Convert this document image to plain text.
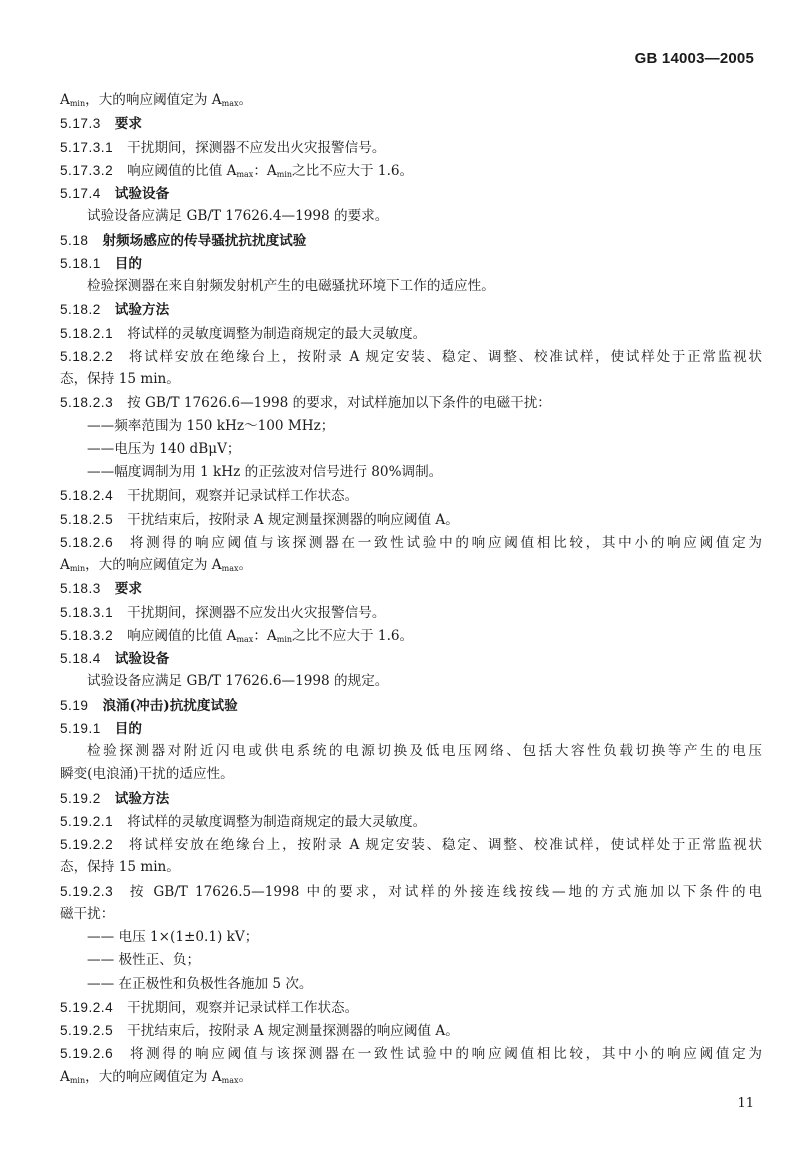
GB 14003—2005
$A_{min}$，大的响应阈值定为 $A_{max}$。
5.17.3 要求
5.17.3.1 干扰期间，探测器不应发出火灾报警信号。
5.17.3.2 响应阈值的比值 $A_{max}$：$A_{min}$之比不应大于 1.6。
5.17.4 试验设备
试验设备应满足 GB/T 17626.4—1998 的要求。
5.18 射频场感应的传导骚扰抗扰度试验
5.18.1 目的
检验探测器在来自射频发射机产生的电磁骚扰环境下工作的适应性。
5.18.2 试验方法
5.18.2.1 将试样的灵敏度调整为制造商规定的最大灵敏度。
5.18.2.2 将试样安放在绝缘台上，按附录 A 规定安装、稳定、调整、校准试样，使试样处于正常监视状
态，保持 15 min。
5.18.2.3 按 GB/T 17626.6—1998 的要求，对试样施加以下条件的电磁干扰：
——频率范围为 150 kHz～100 MHz；
——电压为 140 dBμV；
——幅度调制为用 1 kHz 的正弦波对信号进行 80%调制。
5.18.2.4 干扰期间，观察并记录试样工作状态。
5.18.2.5 干扰结束后，按附录 A 规定测量探测器的响应阈值 A。
5.18.2.6 将测得的响应阈值与该探测器在一致性试验中的响应阈值相比较，其中小的响应阈值定为
$A_{min}$，大的响应阈值定为 $A_{max}$。
5.18.3 要求
5.18.3.1 干扰期间，探测器不应发出火灾报警信号。
5.18.3.2 响应阈值的比值 $A_{max}$：$A_{min}$之比不应大于 1.6。
5.18.4 试验设备
试验设备应满足 GB/T 17626.6—1998 的规定。
5.19 浪涌(冲击)抗扰度试验
5.19.1 目的
检验探测器对附近闪电或供电系统的电源切换及低电压网络、包括大容性负载切换等产生的电压
瞬变(电浪涌)干扰的适应性。
5.19.2 试验方法
5.19.2.1 将试样的灵敏度调整为制造商规定的最大灵敏度。
5.19.2.2 将试样安放在绝缘台上，按附录 A 规定安装、稳定、调整、校准试样，使试样处于正常监视状
态，保持 15 min。
5.19.2.3 按 GB/T 17626.5—1998 中的要求，对试样的外接连线按线—地的方式施加以下条件的电
磁干扰：
—— 电压 1×(1±0.1) kV；
—— 极性正、负；
—— 在正极性和负极性各施加 5 次。
5.19.2.4 干扰期间，观察并记录试样工作状态。
5.19.2.5 干扰结束后，按附录 A 规定测量探测器的响应阈值 A。
5.19.2.6 将测得的响应阈值与该探测器在一致性试验中的响应阈值相比较，其中小的响应阈值定为
$A_{min}$，大的响应阈值定为 $A_{max}$。
11
